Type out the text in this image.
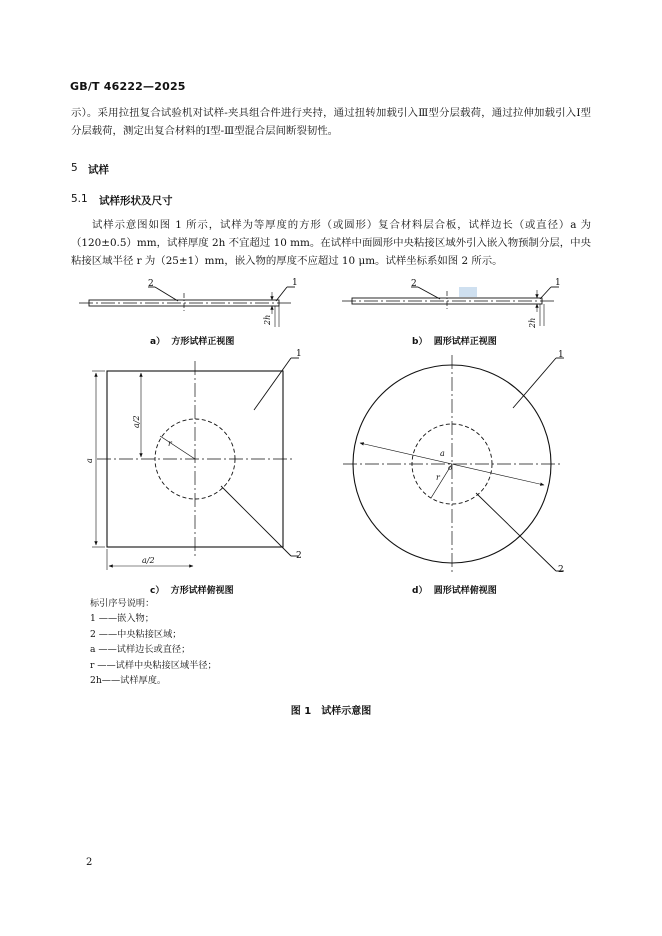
GB/T 46222—2025

示）。采用拉扭复合试验机对试样-夹具组合件进行夹持，通过扭转加载引入Ⅲ型分层载荷，通过拉伸加载引入Ⅰ型分层载荷，测定出复合材料的Ⅰ型-Ⅲ型混合层间断裂韧性。

5 试样
5.1 试样形状及尺寸

试样示意图如图 1 所示，试样为等厚度的方形（或圆形）复合材料层合板，试样边长（或直径）a 为（120±0.5）mm，试样厚度 2h 不宜超过 10 mm。在试样中面圆形中央粘接区域外引入嵌入物预制分层，中央粘接区域半径 r 为（25±1）mm，嵌入物的厚度不应超过 10 μm。试样坐标系如图 2 所示。

2	1
2h
2	1
2h
1
2
a
a/2
a/2
r
1
2
o
r
a
a） 方形试样正视图	b） 圆形试样正视图
c） 方形试样俯视图	d） 圆形试样俯视图
标引序号说明：
1 ——嵌入物；
2 ——中央粘接区域；
a ——试样边长或直径；
r ——试样中央粘接区域半径；
2h——试样厚度。
图 1　试样示意图
2
